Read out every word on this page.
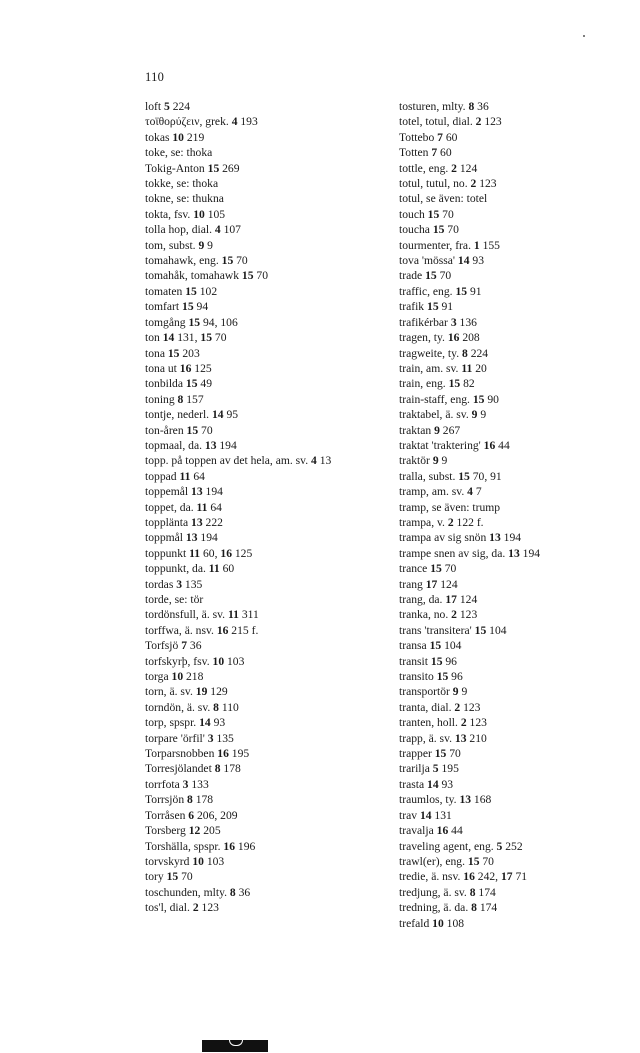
110
loft 5 224
τοϊθορύζειν, grek. 4 193
tokas 10 219
toke, se: thoka
Tokig-Anton 15 269
tokke, se: thoka
tokne, se: thukna
tokta, fsv. 10 105
tolla hop, dial. 4 107
tom, subst. 9 9
tomahawk, eng. 15 70
tomahåk, tomahawk 15 70
tomaten 15 102
tomfart 15 94
tomgång 15 94, 106
ton 14 131, 15 70
tona 15 203
tona ut 16 125
tonbilda 15 49
toning 8 157
tontje, nederl. 14 95
ton-åren 15 70
topmaal, da. 13 194
topp. på toppen av det hela, am. sv. 4 13
toppad 11 64
toppemål 13 194
toppet, da. 11 64
topplänta 13 222
toppmål 13 194
toppunkt 11 60, 16 125
toppunkt, da. 11 60
tordas 3 135
torde, se: tör
tordönsfull, ä. sv. 11 311
torffwa, ä. nsv. 16 215 f.
Torfsjö 7 36
torfskyrþ, fsv. 10 103
torga 10 218
torn, ä. sv. 19 129
torndön, ä. sv. 8 110
torp, spspr. 14 93
torpare 'örfil' 3 135
Torparsnobben 16 195
Torresjölandet 8 178
torrfota 3 133
Torrsjön 8 178
Torråsen 6 206, 209
Torsberg 12 205
Torshälla, spspr. 16 196
torvskyrd 10 103
tory 15 70
toschunden, mlty. 8 36
tos'l, dial. 2 123
tosturen, mlty. 8 36
totel, totul, dial. 2 123
Tottebo 7 60
Totten 7 60
tottle, eng. 2 124
totul, tutul, no. 2 123
totul, se även: totel
touch 15 70
toucha 15 70
tourmenter, fra. 1 155
tova 'mössa' 14 93
trade 15 70
traffic, eng. 15 91
trafik 15 91
trafikérbar 3 136
tragen, ty. 16 208
tragweite, ty. 8 224
train, am. sv. 11 20
train, eng. 15 82
train-staff, eng. 15 90
traktabel, ä. sv. 9 9
traktan 9 267
traktat 'traktering' 16 44
traktör 9 9
tralla, subst. 15 70, 91
tramp, am. sv. 4 7
tramp, se även: trump
trampa, v. 2 122 f.
trampa av sig snön 13 194
trampe snen av sig, da. 13 194
trance 15 70
trang 17 124
trang, da. 17 124
tranka, no. 2 123
trans 'transitera' 15 104
transa 15 104
transit 15 96
transito 15 96
transportör 9 9
tranta, dial. 2 123
tranten, holl. 2 123
trapp, ä. sv. 13 210
trapper 15 70
trarilja 5 195
trasta 14 93
traumlos, ty. 13 168
trav 14 131
travalja 16 44
traveling agent, eng. 5 252
trawl(er), eng. 15 70
tredie, ä. nsv. 16 242, 17 71
tredjung, ä. sv. 8 174
tredning, ä. da. 8 174
trefald 10 108
